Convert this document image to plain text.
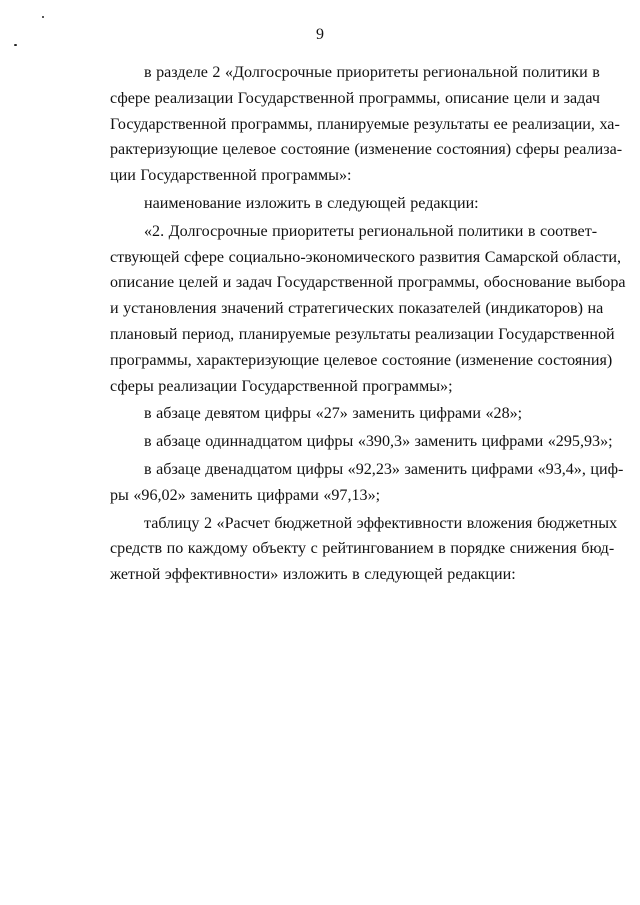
9

в разделе 2 «Долгосрочные приоритеты региональной политики в
сфере реализации Государственной программы, описание цели и задач
Государственной программы, планируемые результаты ее реализации, ха-
рактеризующие целевое состояние (изменение состояния) сферы реализа-
ции Государственной программы»:

наименование изложить в следующей редакции:

«2. Долгосрочные приоритеты региональной политики в соответ-
ствующей сфере социально-экономического развития Самарской области,
описание целей и задач Государственной программы, обоснование выбора
и установления значений стратегических показателей (индикаторов) на
плановый период, планируемые результаты реализации Государственной
программы, характеризующие целевое состояние (изменение состояния)
сферы реализации Государственной программы»;

в абзаце девятом цифры «27» заменить цифрами «28»;

в абзаце одиннадцатом цифры «390,3» заменить цифрами «295,93»;

в абзаце двенадцатом цифры «92,23» заменить цифрами «93,4», циф-
ры «96,02» заменить цифрами «97,13»;

таблицу 2 «Расчет бюджетной эффективности вложения бюджетных
средств по каждому объекту с рейтингованием в порядке снижения бюд-
жетной эффективности» изложить в следующей редакции:
